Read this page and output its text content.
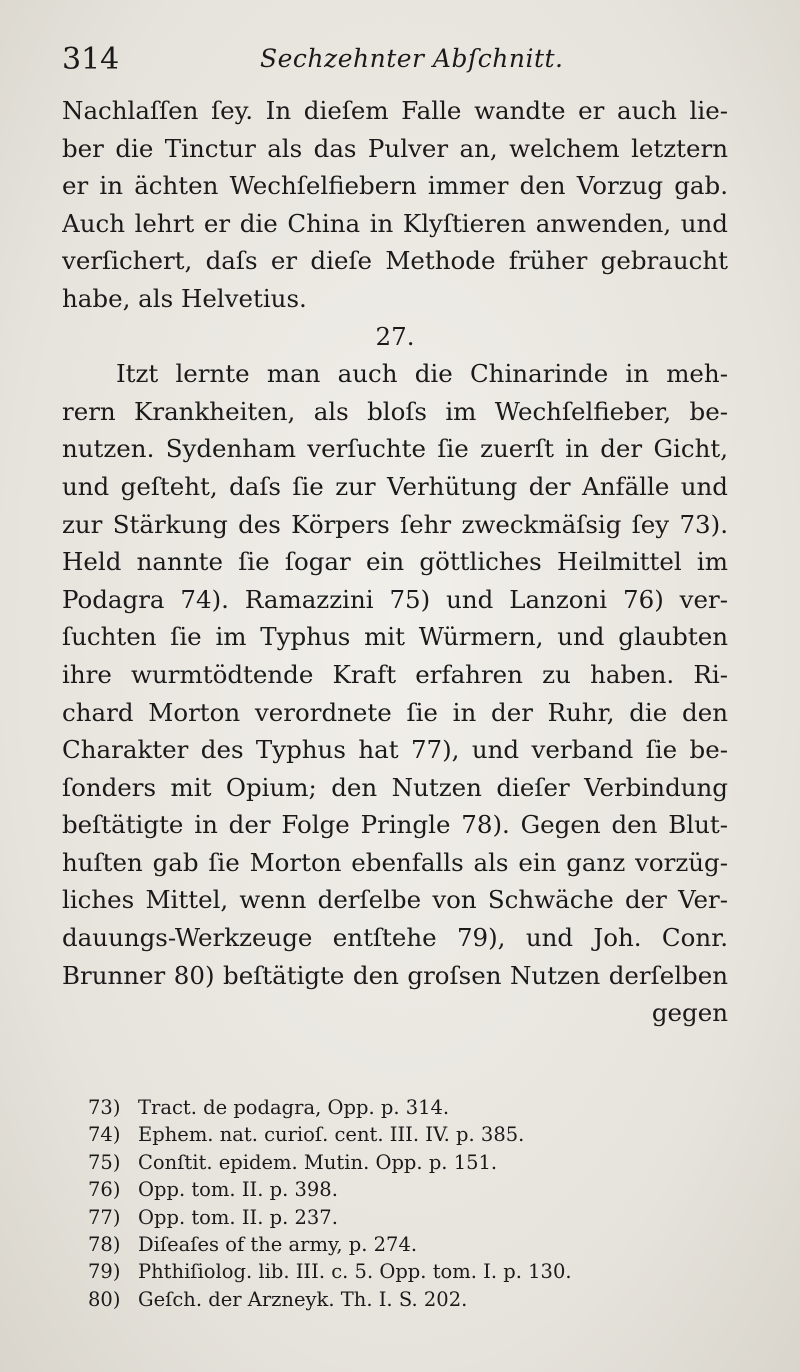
314	Sechzehnter Abſchnitt.
Nachlaſſen ſey. In dieſem Falle wandte er auch lie-
ber die Tinctur als das Pulver an, welchem letztern
er in ächten Wechſelfiebern immer den Vorzug gab.
Auch lehrt er die China in Klyſtieren anwenden, und
verſichert, daſs er dieſe Methode früher gebraucht
habe, als Helvetius.
27.
Itzt lernte man auch die Chinarinde in meh-
rern Krankheiten, als bloſs im Wechſelfieber, be-
nutzen. Sydenham verſuchte ſie zuerſt in der Gicht,
und geſteht, daſs ſie zur Verhütung der Anfälle und
zur Stärkung des Körpers ſehr zweckmäſsig ſey 73).
Held nannte ſie ſogar ein göttliches Heilmittel im
Podagra 74). Ramazzini 75) und Lanzoni 76) ver-
ſuchten ſie im Typhus mit Würmern, und glaubten
ihre wurmtödtende Kraft erfahren zu haben. Ri-
chard Morton verordnete ſie in der Ruhr, die den
Charakter des Typhus hat 77), und verband ſie be-
ſonders mit Opium; den Nutzen dieſer Verbindung
beſtätigte in der Folge Pringle 78). Gegen den Blut-
huſten gab ſie Morton ebenfalls als ein ganz vorzüg-
liches Mittel, wenn derſelbe von Schwäche der Ver-
dauungs-Werkzeuge entſtehe 79), und Joh. Conr.
Brunner 80) beſtätigte den groſsen Nutzen derſelben
gegen
73) Tract. de podagra, Opp. p. 314.
74) Ephem. nat. curioſ. cent. III. IV. p. 385.
75) Conſtit. epidem. Mutin. Opp. p. 151.
76) Opp. tom. II. p. 398.
77) Opp. tom. II. p. 237.
78) Diſeaſes of the army, p. 274.
79) Phthiſiolog. lib. III. c. 5. Opp. tom. I. p. 130.
80) Geſch. der Arzneyk. Th. I. S. 202.
